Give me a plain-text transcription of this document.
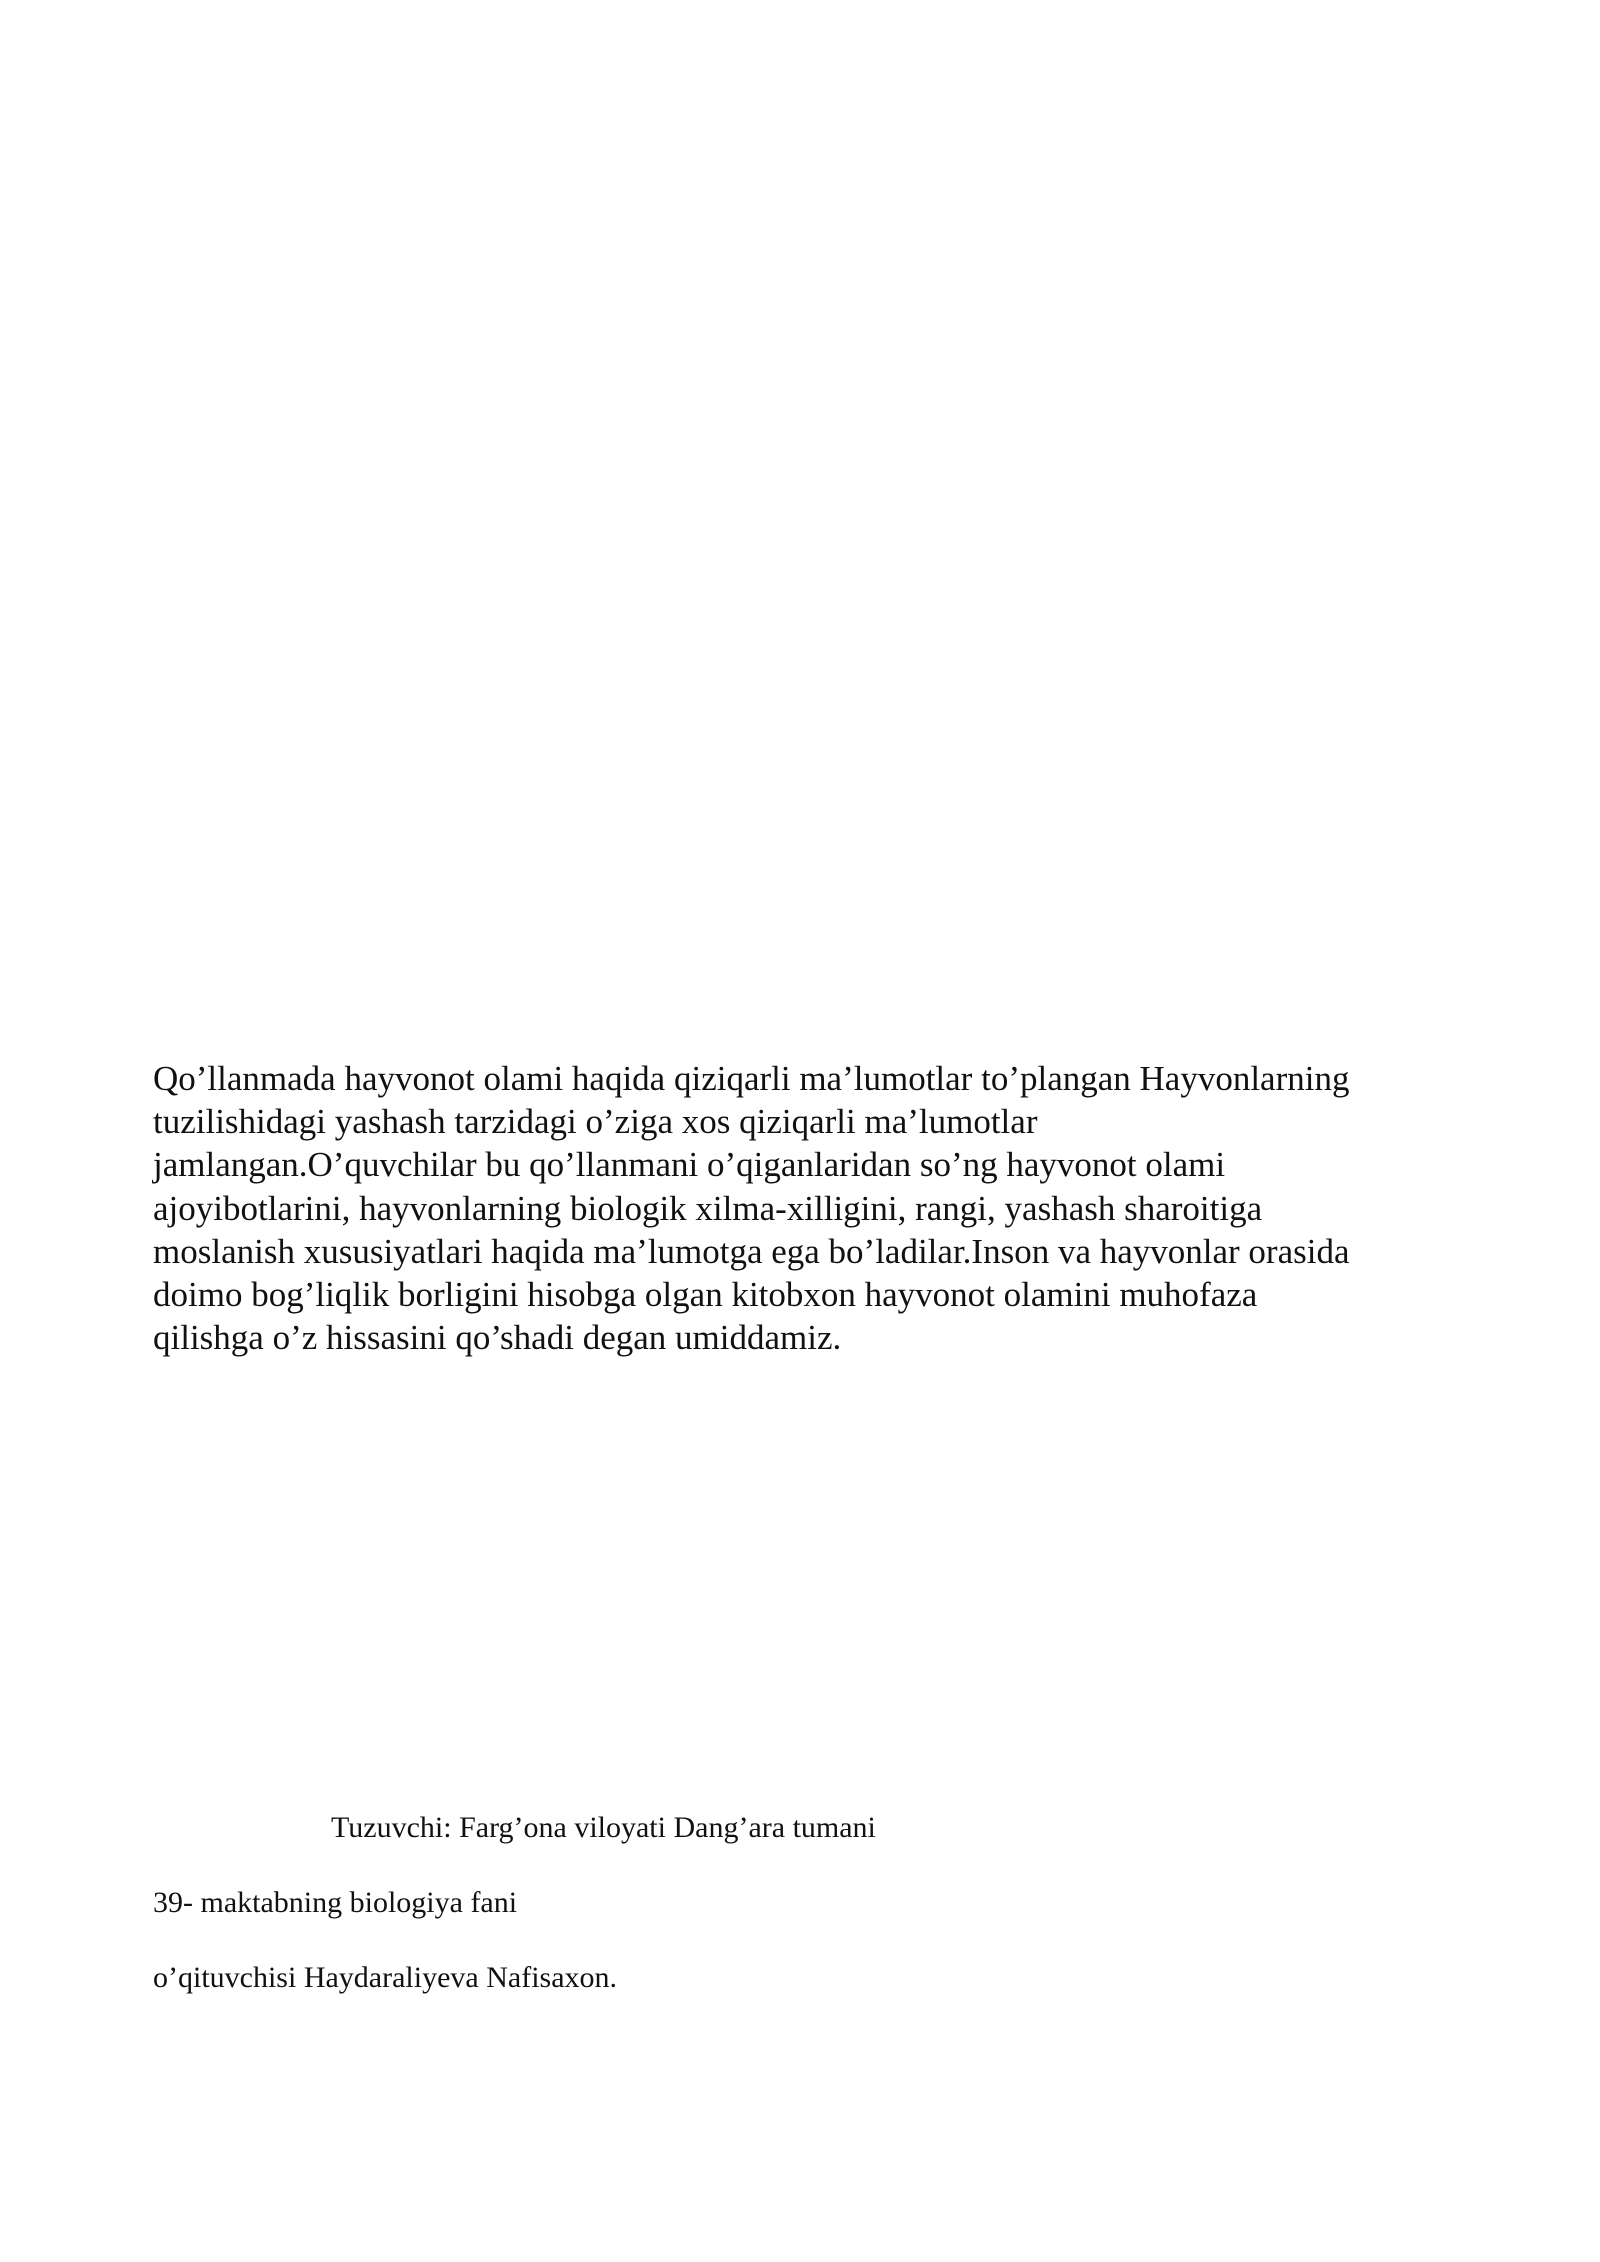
Qo’llanmada hayvonot olami haqida qiziqarli ma’lumotlar to’plangan Hayvonlarning
tuzilishidagi yashash tarzidagi o’ziga xos qiziqarli ma’lumotlar
jamlangan.O’quvchilar bu qo’llanmani o’qiganlaridan so’ng hayvonot olami
ajoyibotlarini, hayvonlarning biologik xilma-xilligini, rangi, yashash sharoitiga
moslanish xususiyatlari haqida ma’lumotga ega bo’ladilar.Inson va hayvonlar orasida
doimo bog’liqlik borligini hisobga olgan kitobxon hayvonot olamini muhofaza
qilishga o’z hissasini qo’shadi degan umiddamiz.

Tuzuvchi: Farg’ona viloyati Dang’ara tumani

39- maktabning biologiya fani

o’qituvchisi Haydaraliyeva Nafisaxon.
